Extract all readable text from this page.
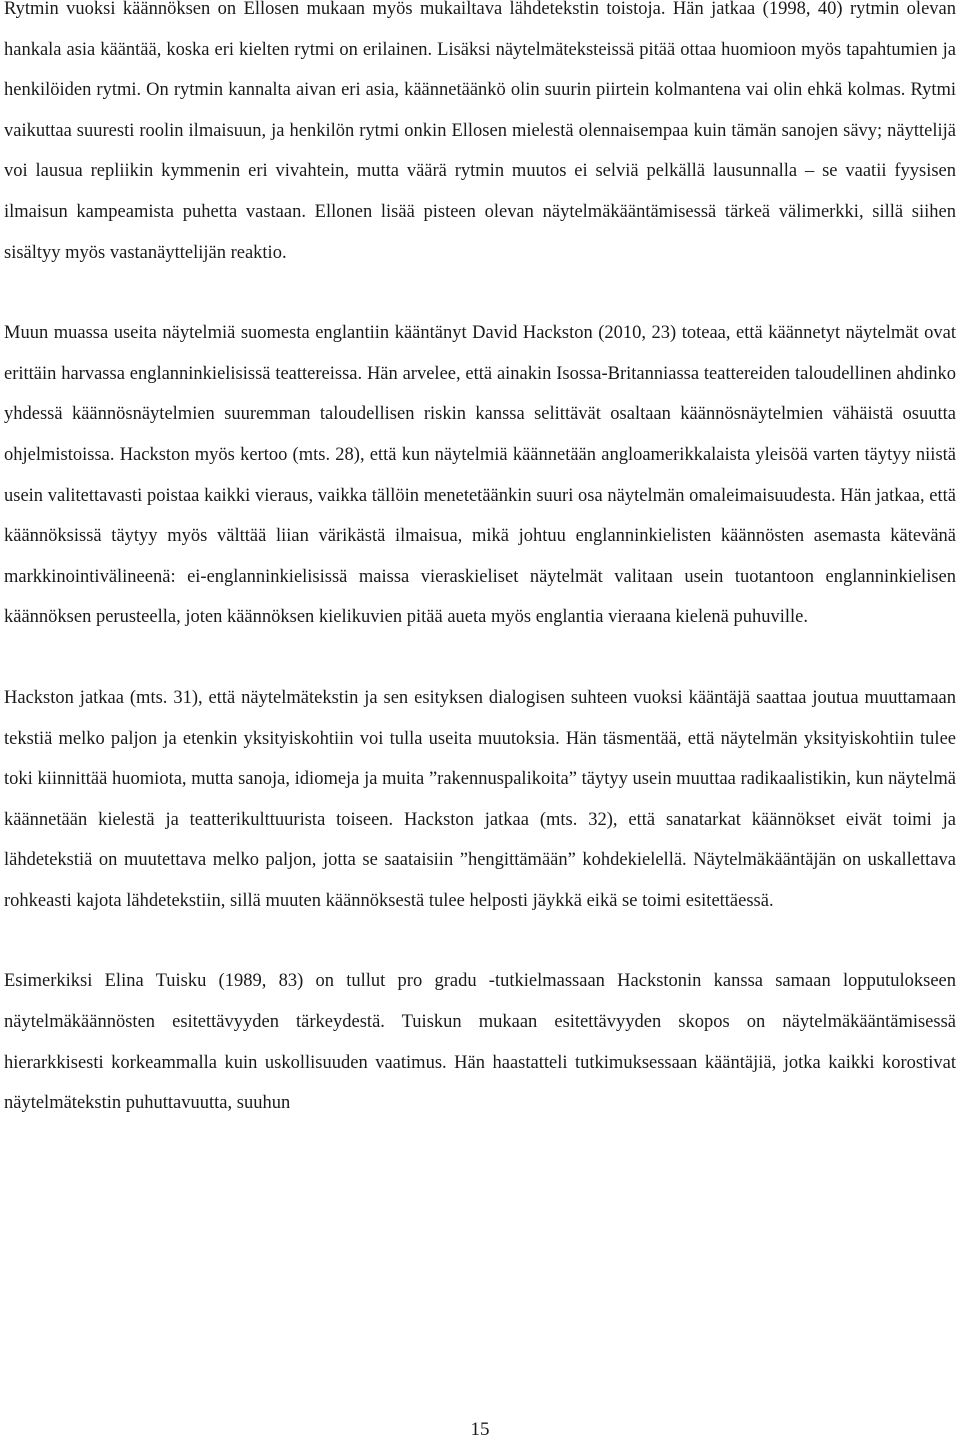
Rytmin vuoksi käännöksen on Ellosen mukaan myös mukailtava lähdetekstin toistoja. Hän jatkaa (1998, 40) rytmin olevan hankala asia kääntää, koska eri kielten rytmi on erilainen. Lisäksi näytelmäteksteissä pitää ottaa huomioon myös tapahtumien ja henkilöiden rytmi. On rytmin kannalta aivan eri asia, käännetäänkö olin suurin piirtein kolmantena vai olin ehkä kolmas. Rytmi vaikuttaa suuresti roolin ilmaisuun, ja henkilön rytmi onkin Ellosen mielestä olennaisempaa kuin tämän sanojen sävy; näyttelijä voi lausua repliikin kymmenin eri vivahtein, mutta väärä rytmin muutos ei selviä pelkällä lausunnalla – se vaatii fyysisen ilmaisun kampeamista puhetta vastaan. Ellonen lisää pisteen olevan näytelmäkääntämisessä tärkeä välimerkki, sillä siihen sisältyy myös vastanäyttelijän reaktio.

Muun muassa useita näytelmiä suomesta englantiin kääntänyt David Hackston (2010, 23) toteaa, että käännetyt näytelmät ovat erittäin harvassa englanninkielisissä teattereissa. Hän arvelee, että ainakin Isossa-Britanniassa teattereiden taloudellinen ahdinko yhdessä käännösnäytelmien suuremman taloudellisen riskin kanssa selittävät osaltaan käännösnäytelmien vähäistä osuutta ohjelmistoissa. Hackston myös kertoo (mts. 28), että kun näytelmiä käännetään angloamerikkalaista yleisöä varten täytyy niistä usein valitettavasti poistaa kaikki vieraus, vaikka tällöin menetetäänkin suuri osa näytelmän omaleimaisuudesta. Hän jatkaa, että käännöksissä täytyy myös välttää liian värikästä ilmaisua, mikä johtuu englanninkielisten käännösten asemasta kätevänä markkinointivälineenä: ei-englanninkielisissä maissa vieraskieliset näytelmät valitaan usein tuotantoon englanninkielisen käännöksen perusteella, joten käännöksen kielikuvien pitää aueta myös englantia vieraana kielenä puhuville.

Hackston jatkaa (mts. 31), että näytelmätekstin ja sen esityksen dialogisen suhteen vuoksi kääntäjä saattaa joutua muuttamaan tekstiä melko paljon ja etenkin yksityiskohtiin voi tulla useita muutoksia. Hän täsmentää, että näytelmän yksityiskohtiin tulee toki kiinnittää huomiota, mutta sanoja, idiomeja ja muita ”rakennuspalikoita” täytyy usein muuttaa radikaalistikin, kun näytelmä käännetään kielestä ja teatterikulttuurista toiseen. Hackston jatkaa (mts. 32), että sanatarkat käännökset eivät toimi ja lähdetekstiä on muutettava melko paljon, jotta se saataisiin ”hengittämään” kohdekielellä. Näytelmäkääntäjän on uskallettava rohkeasti kajota lähdetekstiin, sillä muuten käännöksestä tulee helposti jäykkä eikä se toimi esitettäessä.

Esimerkiksi Elina Tuisku (1989, 83) on tullut pro gradu -tutkielmassaan Hackstonin kanssa samaan lopputulokseen näytelmäkäännösten esitettävyyden tärkeydestä. Tuiskun mukaan esitettävyyden skopos on näytelmäkääntämisessä hierarkkisesti korkeammalla kuin uskollisuuden vaatimus. Hän haastatteli tutkimuksessaan kääntäjiä, jotka kaikki korostivat näytelmätekstin puhuttavuutta, suuhun

15
